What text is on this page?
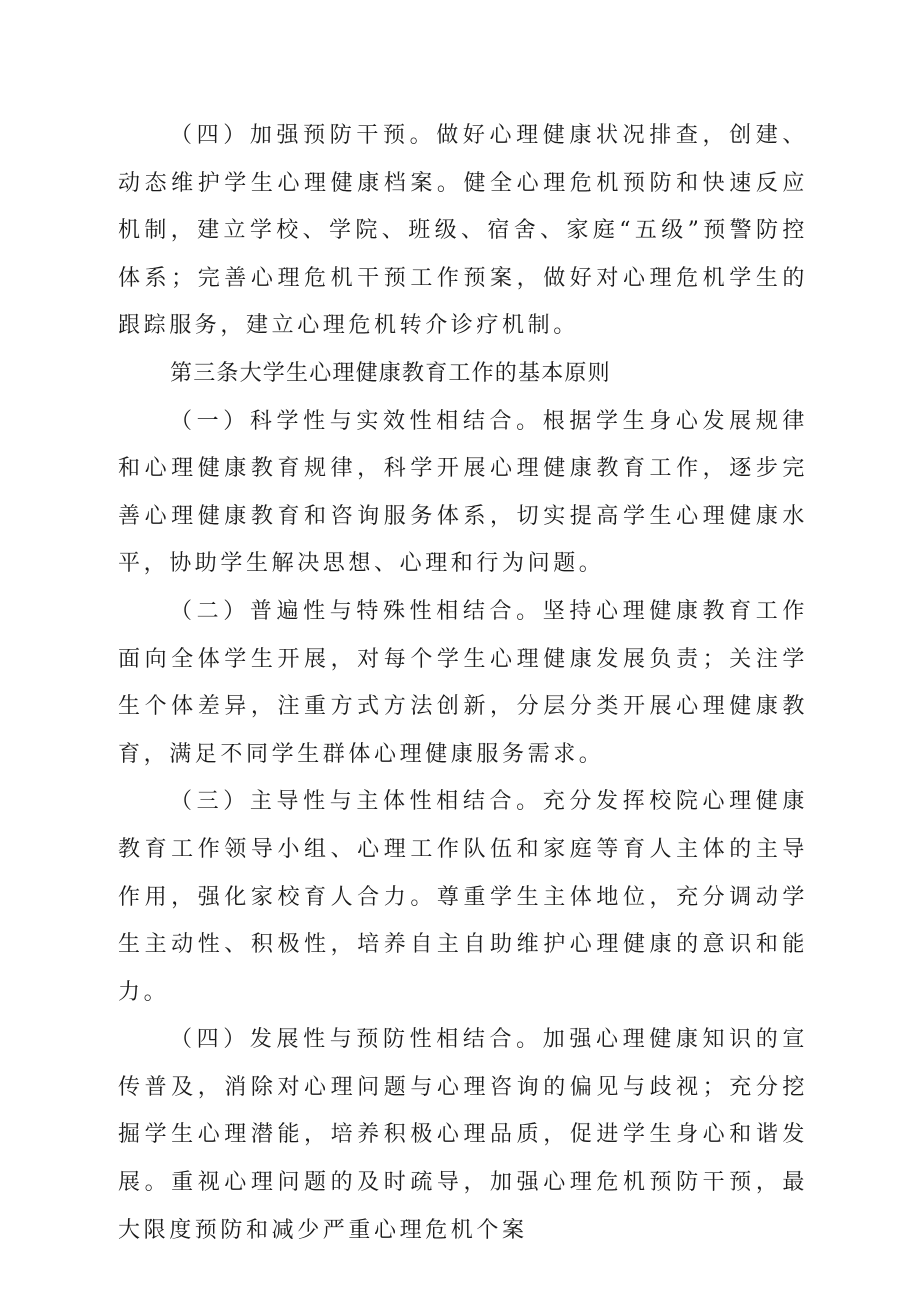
（四）加强预防干预。做好心理健康状况排查，创建、动态维护学生心理健康档案。健全心理危机预防和快速反应机制，建立学校、学院、班级、宿舍、家庭“五级”预警防控体系；完善心理危机干预工作预案，做好对心理危机学生的跟踪服务，建立心理危机转介诊疗机制。

第三条大学生心理健康教育工作的基本原则

（一）科学性与实效性相结合。根据学生身心发展规律和心理健康教育规律，科学开展心理健康教育工作，逐步完善心理健康教育和咨询服务体系，切实提高学生心理健康水平，协助学生解决思想、心理和行为问题。

（二）普遍性与特殊性相结合。坚持心理健康教育工作面向全体学生开展，对每个学生心理健康发展负责；关注学生个体差异，注重方式方法创新，分层分类开展心理健康教育，满足不同学生群体心理健康服务需求。

（三）主导性与主体性相结合。充分发挥校院心理健康教育工作领导小组、心理工作队伍和家庭等育人主体的主导作用，强化家校育人合力。尊重学生主体地位，充分调动学生主动性、积极性，培养自主自助维护心理健康的意识和能力。

（四）发展性与预防性相结合。加强心理健康知识的宣传普及，消除对心理问题与心理咨询的偏见与歧视；充分挖掘学生心理潜能，培养积极心理品质，促进学生身心和谐发展。重视心理问题的及时疏导，加强心理危机预防干预，最大限度预防和减少严重心理危机个案
